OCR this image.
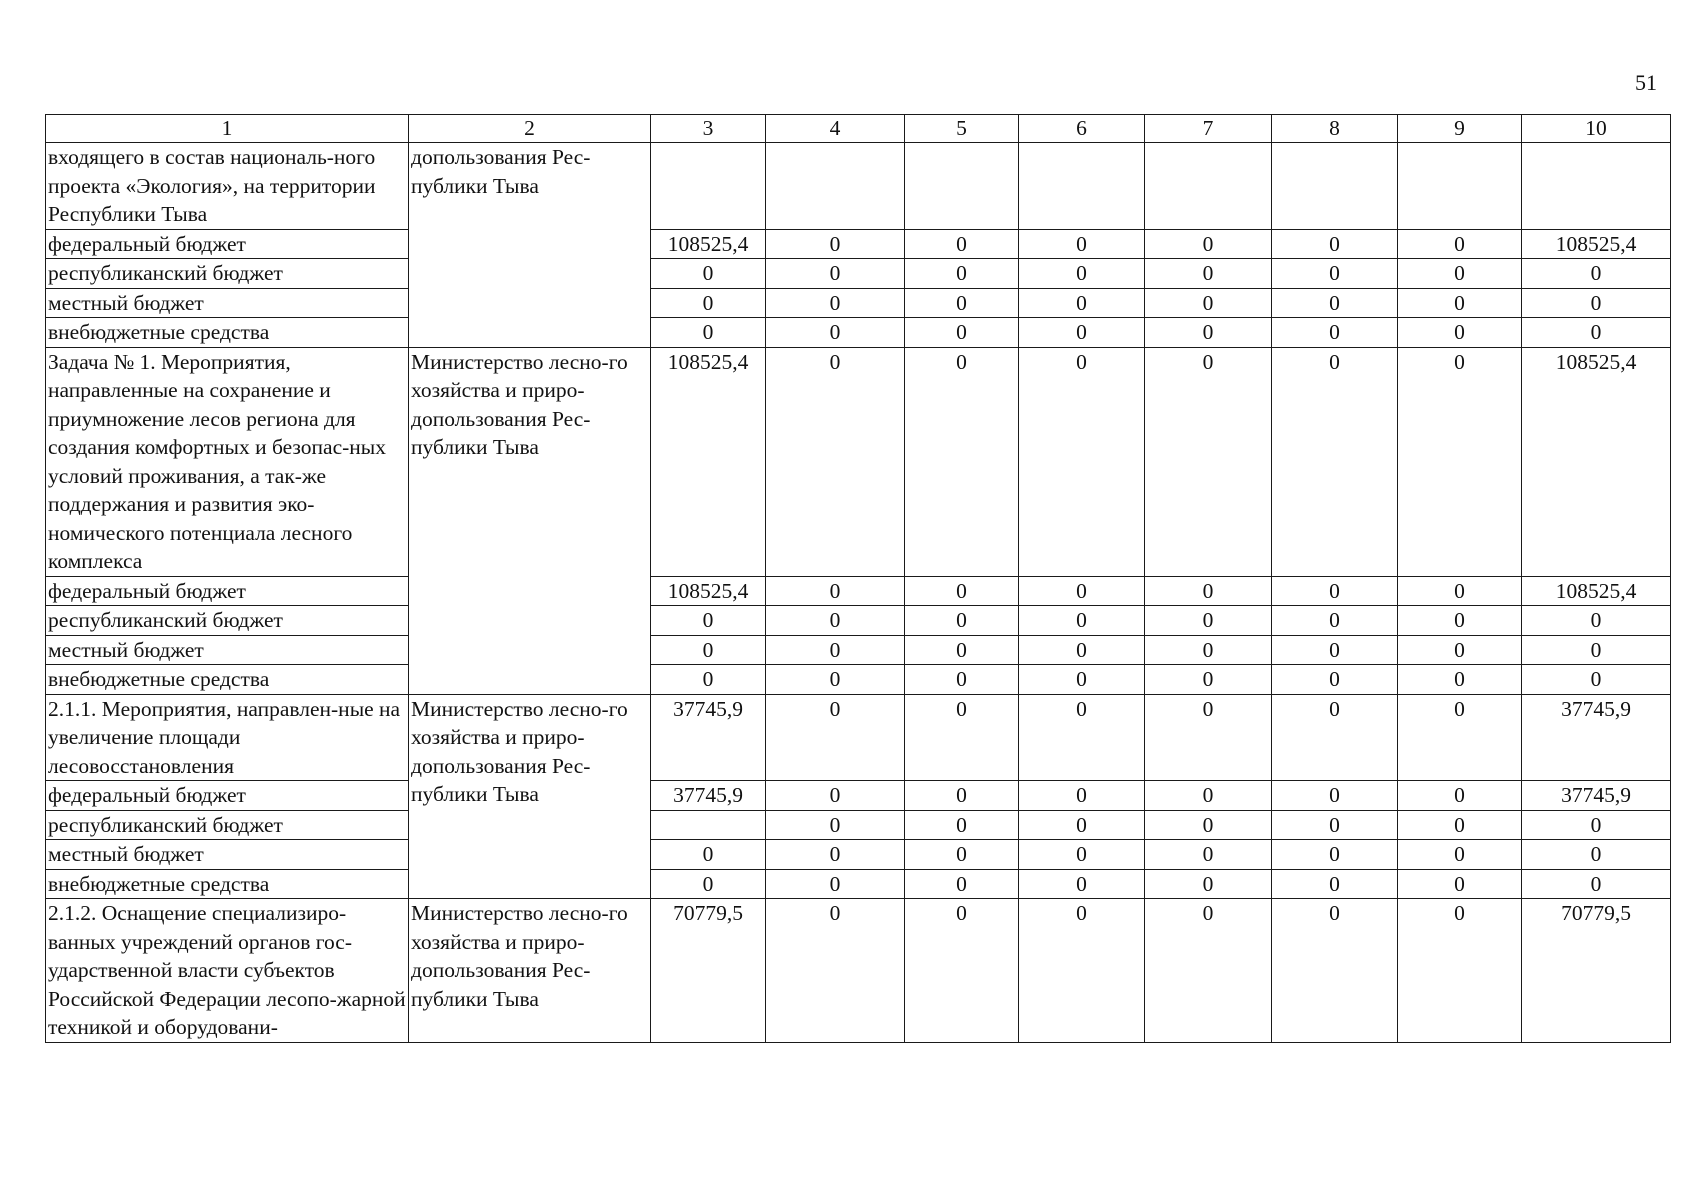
51
1	2	3	4	5	6	7	8	9	10
входящего в состав националь-ного проекта «Экология», на территории Республики Тыва	допользования Рес-публики Тыва								
федеральный бюджет		108525,4	0	0	0	0	0	0	108525,4
республиканский бюджет		0	0	0	0	0	0	0	0
местный бюджет		0	0	0	0	0	0	0	0
внебюджетные средства		0	0	0	0	0	0	0	0
Задача № 1. Мероприятия, направленные на сохранение и приумножение лесов региона для создания комфортных и безопас-ных условий проживания, а так-же поддержания и развития эко-номического потенциала лесного комплекса	Министерство лесно-го хозяйства и приро-допользования Рес-публики Тыва	108525,4	0	0	0	0	0	0	108525,4
федеральный бюджет		108525,4	0	0	0	0	0	0	108525,4
республиканский бюджет		0	0	0	0	0	0	0	0
местный бюджет		0	0	0	0	0	0	0	0
внебюджетные средства		0	0	0	0	0	0	0	0
2.1.1. Мероприятия, направлен-ные на увеличение площади лесовосстановления	Министерство лесно-го хозяйства и приро-допользования Рес-публики Тыва	37745,9	0	0	0	0	0	0	37745,9
федеральный бюджет		37745,9	0	0	0	0	0	0	37745,9
республиканский бюджет			0	0	0	0	0	0	0
местный бюджет		0	0	0	0	0	0	0	0
внебюджетные средства		0	0	0	0	0	0	0	0
2.1.2. Оснащение специализиро-ванных учреждений органов гос-ударственной власти субъектов Российской Федерации лесопо-жарной техникой и оборудовани-	Министерство лесно-го хозяйства и приро-допользования Рес-публики Тыва	70779,5	0	0	0	0	0	0	70779,5
